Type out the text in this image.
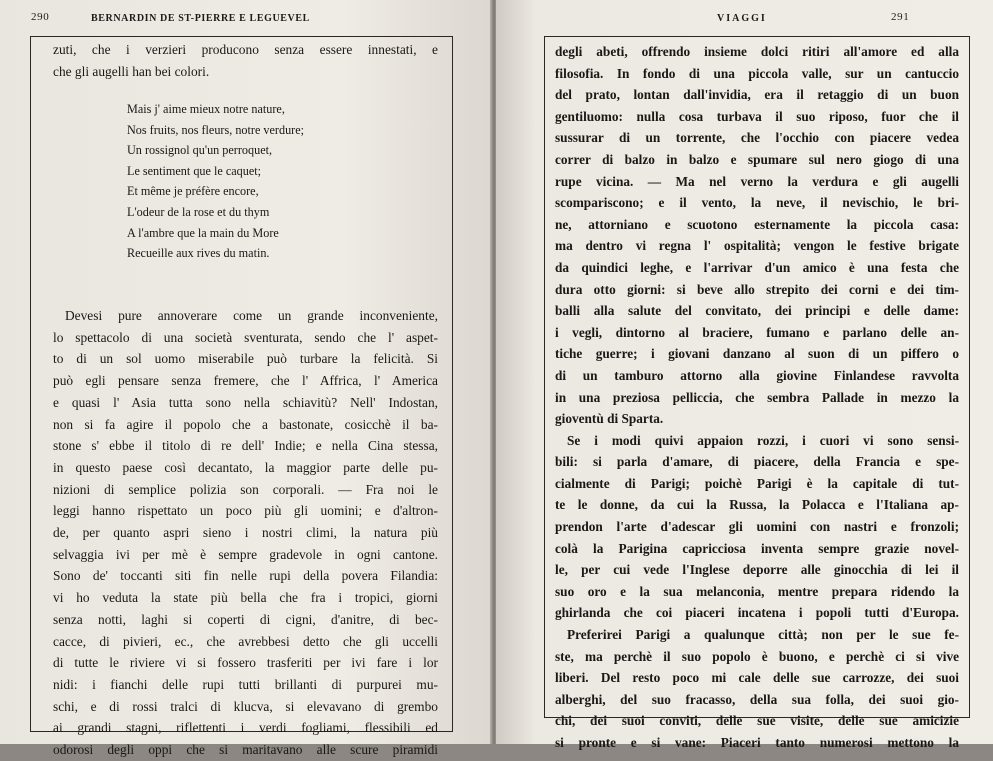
290	BERNARDIN DE ST-PIERRE E LEGUEVEL
zuti, che i verzieri producono senza essere innestati, e
che gli augelli han bei colori.
Mais j' aime mieux notre nature,
Nos fruits, nos fleurs, notre verdure;
Un rossignol qu'un perroquet,
Le sentiment que le caquet;
Et même je préfère encore,
L'odeur de la rose et du thym
A l'ambre que la main du More
Recueille aux rives du matin.
Devesi pure annoverare come un grande inconveniente,
lo spettacolo di una società sventurata, sendo che l' aspet-
to di un sol uomo miserabile può turbare la felicità. Si
può egli pensare senza fremere, che l' Affrica, l' America
e quasi l' Asia tutta sono nella schiavitù? Nell' Indostan,
non si fa agire il popolo che a bastonate, cosicchè il ba-
stone s' ebbe il titolo di re dell' Indie; e nella Cina stessa,
in questo paese così decantato, la maggior parte delle pu-
nizioni di semplice polizia son corporali. — Fra noi le
leggi hanno rispettato un poco più gli uomini; e d'altron-
de, per quanto aspri sieno i nostri climi, la natura più
selvaggia ivi per mè è sempre gradevole in ogni cantone.
Sono de' toccanti siti fin nelle rupi della povera Filandia:
vi ho veduta la state più bella che fra i tropici, giorni
senza notti, laghi si coperti di cigni, d'anitre, di bec-
cacce, di pivieri, ec., che avrebbesi detto che gli uccelli
di tutte le riviere vi si fossero trasferiti per ivi fare i lor
nidi: i fianchi delle rupi tutti brillanti di purpurei mu-
schi, e di rossi tralci di klucva, si elevavano di grembo
ai grandi stagni, riflettenti i verdi fogliami, flessibili ed
odorosi degli oppi che si maritavano alle scure piramidi
VIAGGI	291
degli abeti, offrendo insieme dolci ritiri all'amore ed alla
filosofia. In fondo di una piccola valle, sur un cantuccio
del prato, lontan dall'invidia, era il retaggio di un buon
gentiluomo: nulla cosa turbava il suo riposo, fuor che il
sussurar di un torrente, che l'occhio con piacere vedea
correr di balzo in balzo e spumare sul nero giogo di una
rupe vicina. — Ma nel verno la verdura e gli augelli
scompariscono; e il vento, la neve, il nevischio, le bri-
ne, attorniano e scuotono esternamente la piccola casa:
ma dentro vi regna l' ospitalità; vengon le festive brigate
da quindici leghe, e l'arrivar d'un amico è una festa che
dura otto giorni: si beve allo strepito dei corni e dei tim-
balli alla salute del convitato, dei principi e delle dame:
i vegli, dintorno al braciere, fumano e parlano delle an-
tiche guerre; i giovani danzano al suon di un piffero o
di un tamburo attorno alla giovine Finlandese ravvolta
in una preziosa pelliccia, che sembra Pallade in mezzo la
gioventù di Sparta.
Se i modi quivi appaion rozzi, i cuori vi sono sensi-
bili: si parla d'amare, di piacere, della Francia e spe-
cialmente di Parigi; poichè Parigi è la capitale di tut-
te le donne, da cui la Russa, la Polacca e l'Italiana ap-
prendon l'arte d'adescar gli uomini con nastri e fronzoli;
colà la Parigina capricciosa inventa sempre grazie novel-
le, per cui vede l'Inglese deporre alle ginocchia di lei il
suo oro e la sua melanconia, mentre prepara ridendo la
ghirlanda che coi piaceri incatena i popoli tutti d'Europa.
Preferirei Parigi a qualunque città; non per le sue fe-
ste, ma perchè il suo popolo è buono, e perchè ci si vive
liberi. Del resto poco mi cale delle sue carrozze, dei suoi
alberghi, del suo fracasso, della sua folla, dei suoi gio-
chi, dei suoi conviti, delle sue visite, delle sue amicizie
si pronte e si vane: Piaceri tanto numerosi mettono la
